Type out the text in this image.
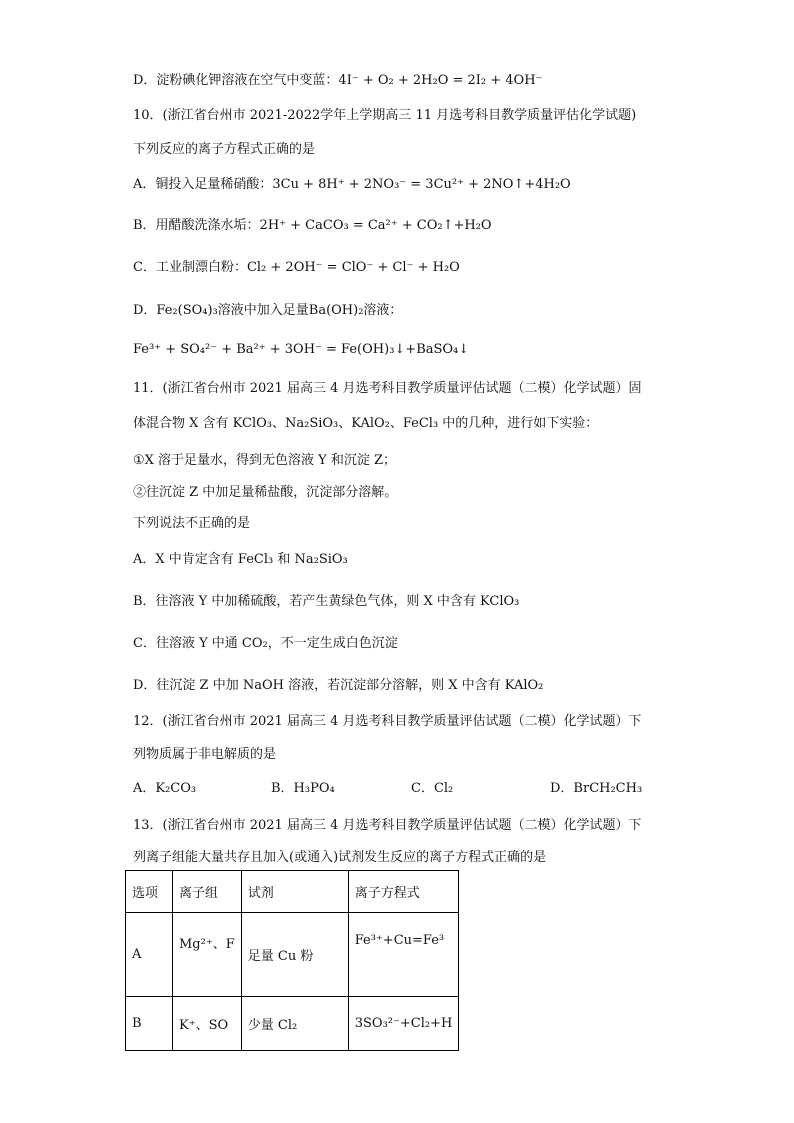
D．淀粉碘化钾溶液在空气中变蓝：4I⁻ + O₂ + 2H₂O = 2I₂ + 4OH⁻
10．(浙江省台州市 2021-2022学年上学期高三 11 月选考科目教学质量评估化学试题)
下列反应的离子方程式正确的是
A．铜投入足量稀硝酸：3Cu + 8H⁺ + 2NO₃⁻ = 3Cu²⁺ + 2NO↑+4H₂O
B．用醋酸洗涤水垢：2H⁺ + CaCO₃ = Ca²⁺ + CO₂↑+H₂O
C．工业制漂白粉：Cl₂ + 2OH⁻ = ClO⁻ + Cl⁻ + H₂O
D．Fe₂(SO₄)₃溶液中加入足量Ba(OH)₂溶液：
Fe³⁺ + SO₄²⁻ + Ba²⁺ + 3OH⁻ = Fe(OH)₃↓+BaSO₄↓
11．(浙江省台州市 2021 届高三 4 月选考科目教学质量评估试题（二模）化学试题）固
体混合物 X 含有 KClO₃、Na₂SiO₃、KAlO₂、FeCl₃ 中的几种，进行如下实验：
①X 溶于足量水，得到无色溶液 Y 和沉淀 Z；
②往沉淀 Z 中加足量稀盐酸，沉淀部分溶解。
下列说法不正确的是
A．X 中肯定含有 FeCl₃ 和 Na₂SiO₃
B．往溶液 Y 中加稀硫酸，若产生黄绿色气体，则 X 中含有 KClO₃
C．往溶液 Y 中通 CO₂，不一定生成白色沉淀
D．往沉淀 Z 中加 NaOH 溶液，若沉淀部分溶解，则 X 中含有 KAlO₂
12．(浙江省台州市 2021 届高三 4 月选考科目教学质量评估试题（二模）化学试题）下
列物质属于非电解质的是
A．K₂CO₃	B．H₃PO₄	C．Cl₂	D．BrCH₂CH₃
13．(浙江省台州市 2021 届高三 4 月选考科目教学质量评估试题（二模）化学试题）下
列离子组能大量共存且加入(或通入)试剂发生反应的离子方程式正确的是
选项	离子组	试剂	离子方程式
A	Mg²⁺、F	足量 Cu 粉	Fe³⁺+Cu=Fe³
B	K⁺、SO	少量 Cl₂	3SO₃²⁻+Cl₂+H
